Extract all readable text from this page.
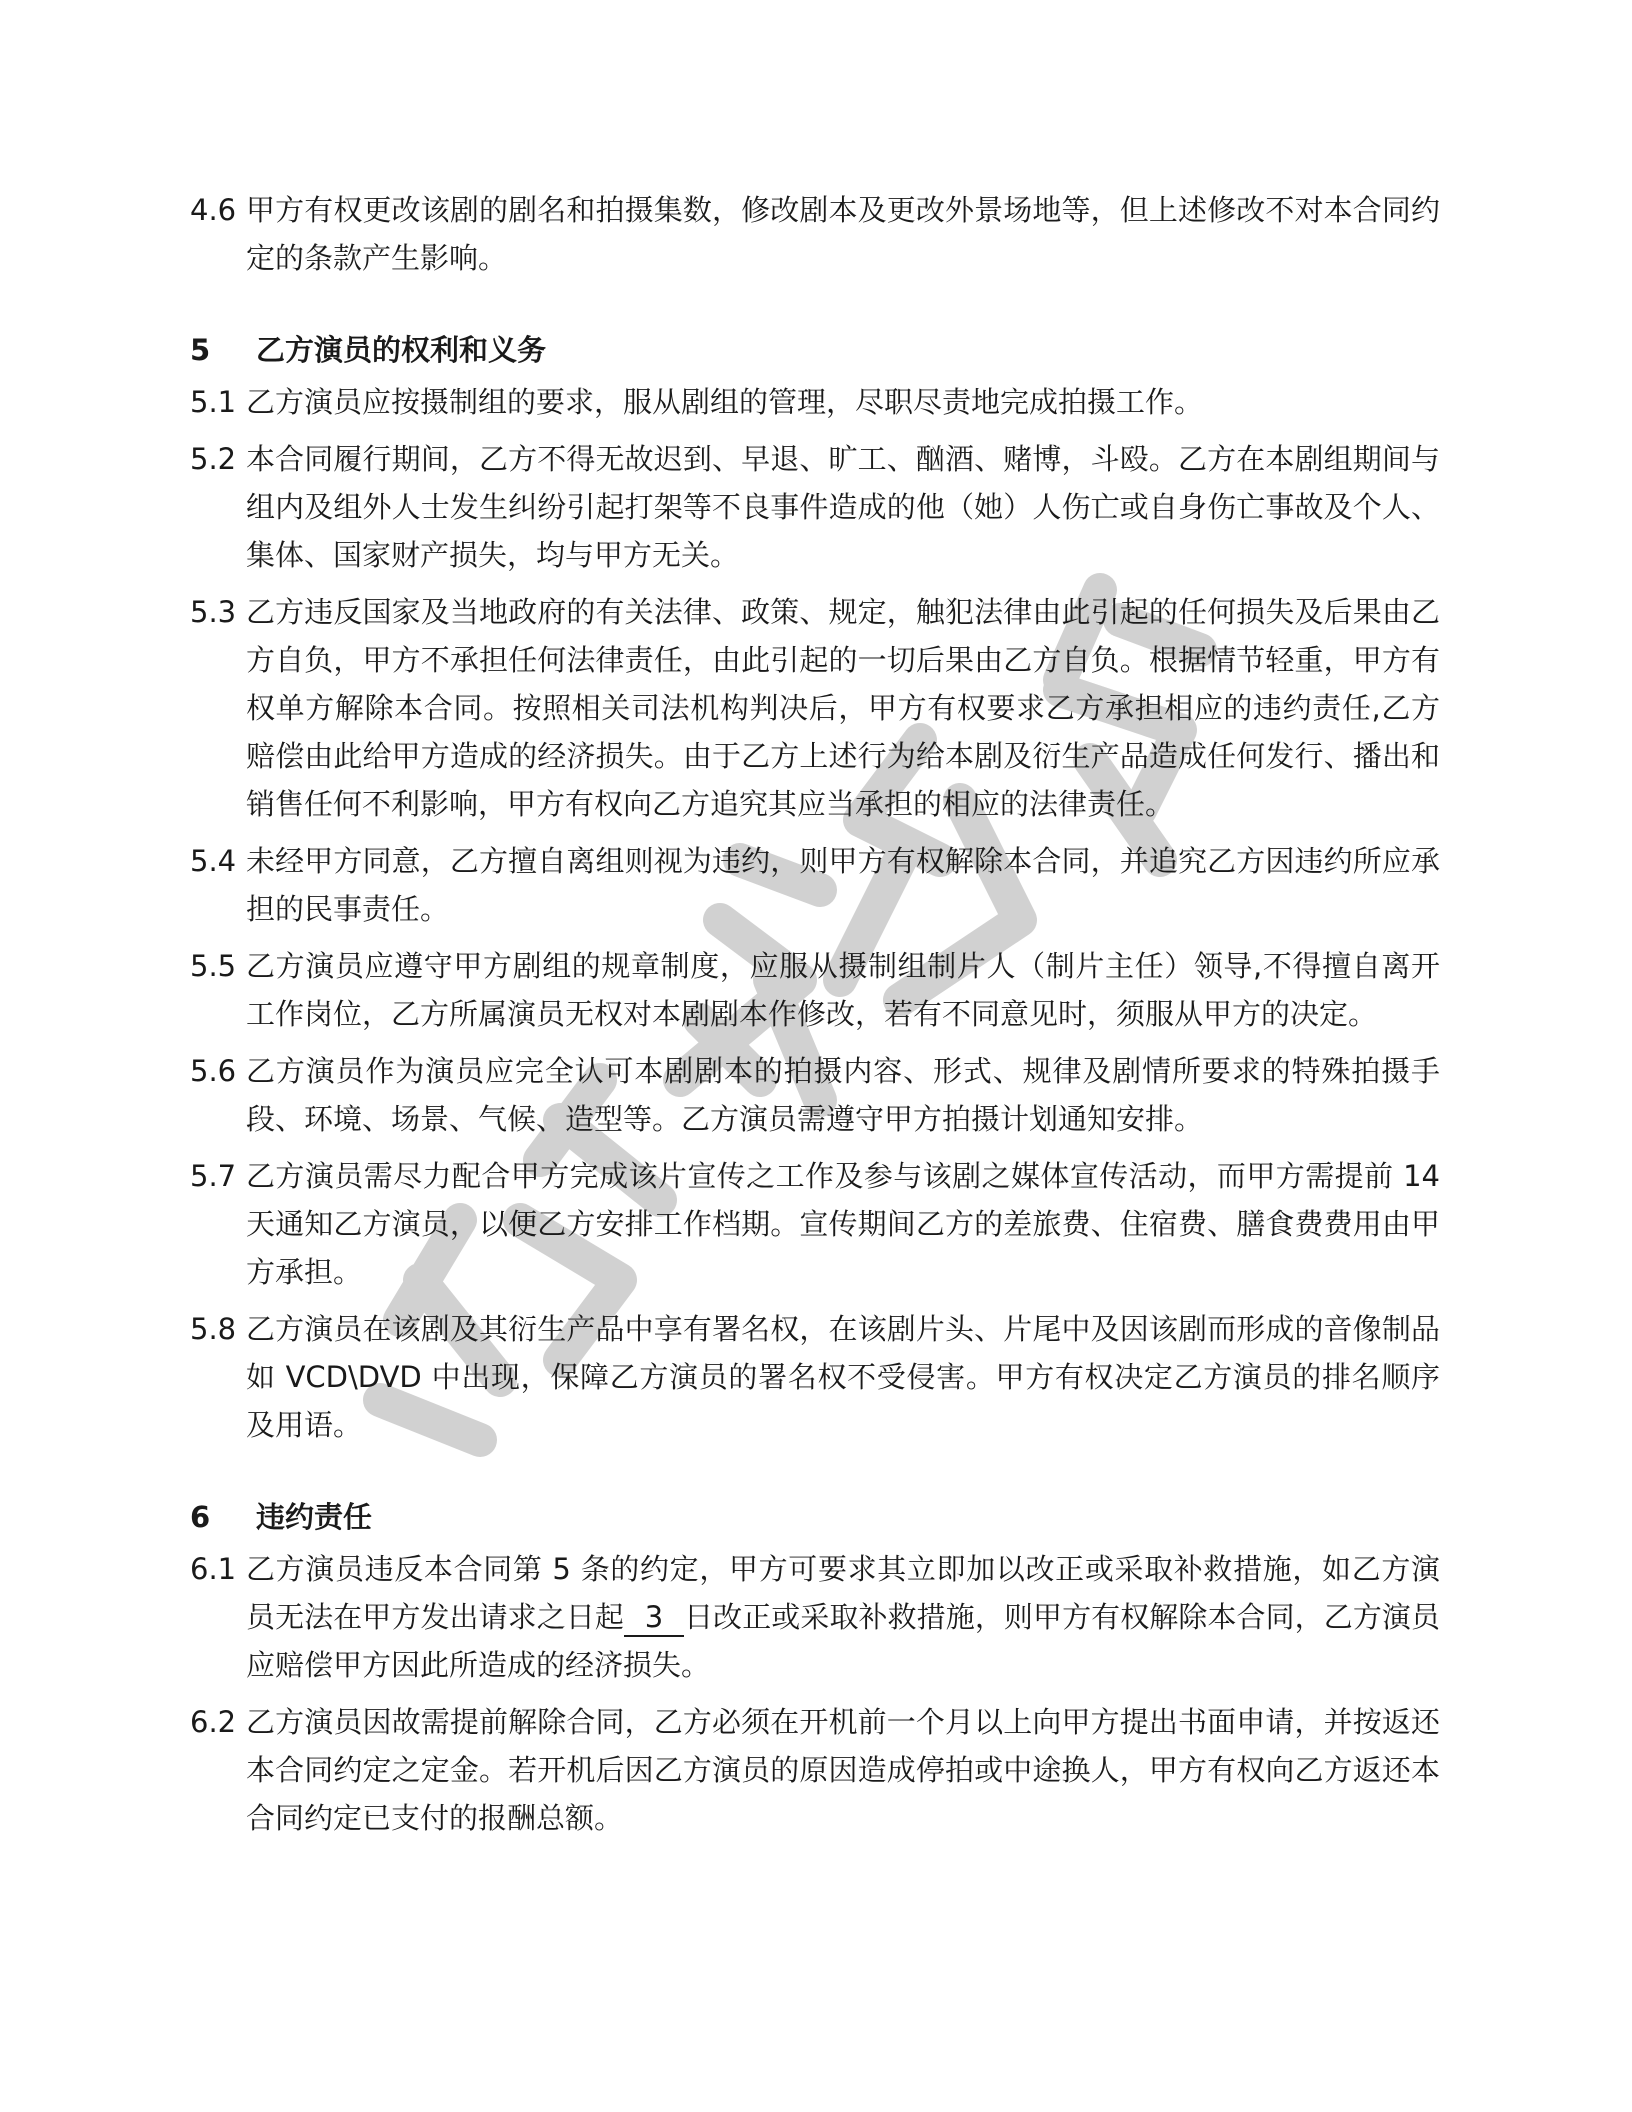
4.6 甲方有权更改该剧的剧名和拍摄集数，修改剧本及更改外景场地等，但上述修改不对本合同约定的条款产生影响。
5 乙方演员的权利和义务
5.1 乙方演员应按摄制组的要求，服从剧组的管理，尽职尽责地完成拍摄工作。
5.2 本合同履行期间，乙方不得无故迟到、早退、旷工、酗酒、赌博，斗殴。乙方在本剧组期间与组内及组外人士发生纠纷引起打架等不良事件造成的他（她）人伤亡或自身伤亡事故及个人、集体、国家财产损失，均与甲方无关。
5.3 乙方违反国家及当地政府的有关法律、政策、规定，触犯法律由此引起的任何损失及后果由乙方自负，甲方不承担任何法律责任，由此引起的一切后果由乙方自负。根据情节轻重，甲方有权单方解除本合同。按照相关司法机构判决后，甲方有权要求乙方承担相应的违约责任,乙方赔偿由此给甲方造成的经济损失。由于乙方上述行为给本剧及衍生产品造成任何发行、播出和销售任何不利影响，甲方有权向乙方追究其应当承担的相应的法律责任。
5.4 未经甲方同意，乙方擅自离组则视为违约，则甲方有权解除本合同，并追究乙方因违约所应承担的民事责任。
5.5 乙方演员应遵守甲方剧组的规章制度，应服从摄制组制片人（制片主任）领导,不得擅自离开工作岗位，乙方所属演员无权对本剧剧本作修改，若有不同意见时，须服从甲方的决定。
5.6 乙方演员作为演员应完全认可本剧剧本的拍摄内容、形式、规律及剧情所要求的特殊拍摄手段、环境、场景、气候、造型等。乙方演员需遵守甲方拍摄计划通知安排。
5.7 乙方演员需尽力配合甲方完成该片宣传之工作及参与该剧之媒体宣传活动，而甲方需提前 14 天通知乙方演员，以便乙方安排工作档期。宣传期间乙方的差旅费、住宿费、膳食费费用由甲方承担。
5.8 乙方演员在该剧及其衍生产品中享有署名权，在该剧片头、片尾中及因该剧而形成的音像制品如 VCD\DVD 中出现，保障乙方演员的署名权不受侵害。甲方有权决定乙方演员的排名顺序及用语。
6 违约责任
6.1 乙方演员违反本合同第 5 条的约定，甲方可要求其立即加以改正或采取补救措施，如乙方演员无法在甲方发出请求之日起 3 日改正或采取补救措施，则甲方有权解除本合同，乙方演员应赔偿甲方因此所造成的经济损失。
6.2 乙方演员因故需提前解除合同，乙方必须在开机前一个月以上向甲方提出书面申请，并按返还本合同约定之定金。若开机后因乙方演员的原因造成停拍或中途换人，甲方有权向乙方返还本合同约定已支付的报酬总额。
